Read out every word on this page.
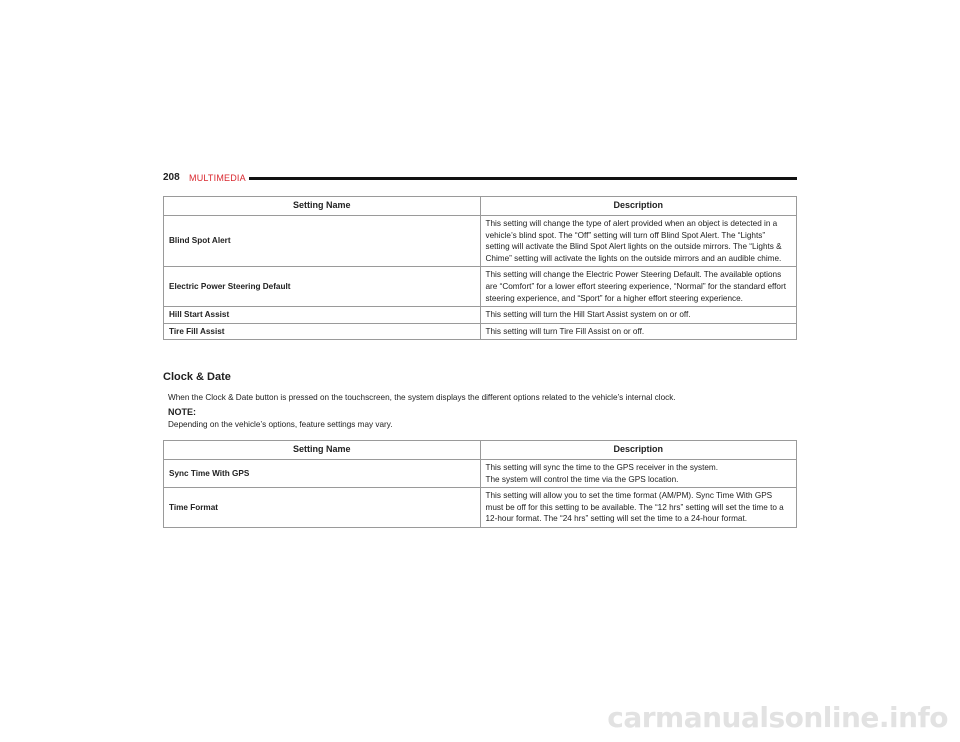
208 MULTIMEDIA
Setting Name	Description
Blind Spot Alert	This setting will change the type of alert provided when an object is detected in a vehicle’s blind spot. The “Off” setting will turn off Blind Spot Alert. The “Lights” setting will activate the Blind Spot Alert lights on the outside mirrors. The “Lights & Chime” setting will activate the lights on the outside mirrors and an audible chime.
Electric Power Steering Default	This setting will change the Electric Power Steering Default. The available options are “Comfort” for a lower effort steering experience, “Normal” for the standard effort steering experience, and “Sport” for a higher effort steering experience.
Hill Start Assist	This setting will turn the Hill Start Assist system on or off.
Tire Fill Assist	This setting will turn Tire Fill Assist on or off.
Clock & Date
When the Clock & Date button is pressed on the touchscreen, the system displays the different options related to the vehicle’s internal clock.
NOTE:
Depending on the vehicle’s options, feature settings may vary.
Setting Name	Description
Sync Time With GPS	This setting will sync the time to the GPS receiver in the system.
The system will control the time via the GPS location.

Time Format	This setting will allow you to set the time format (AM/PM). Sync Time With GPS must be off for this setting to be available. The “12 hrs” setting will set the time to a 12-hour format. The “24 hrs” setting will set the time to a 24-hour format.
carmanualsonline.info
